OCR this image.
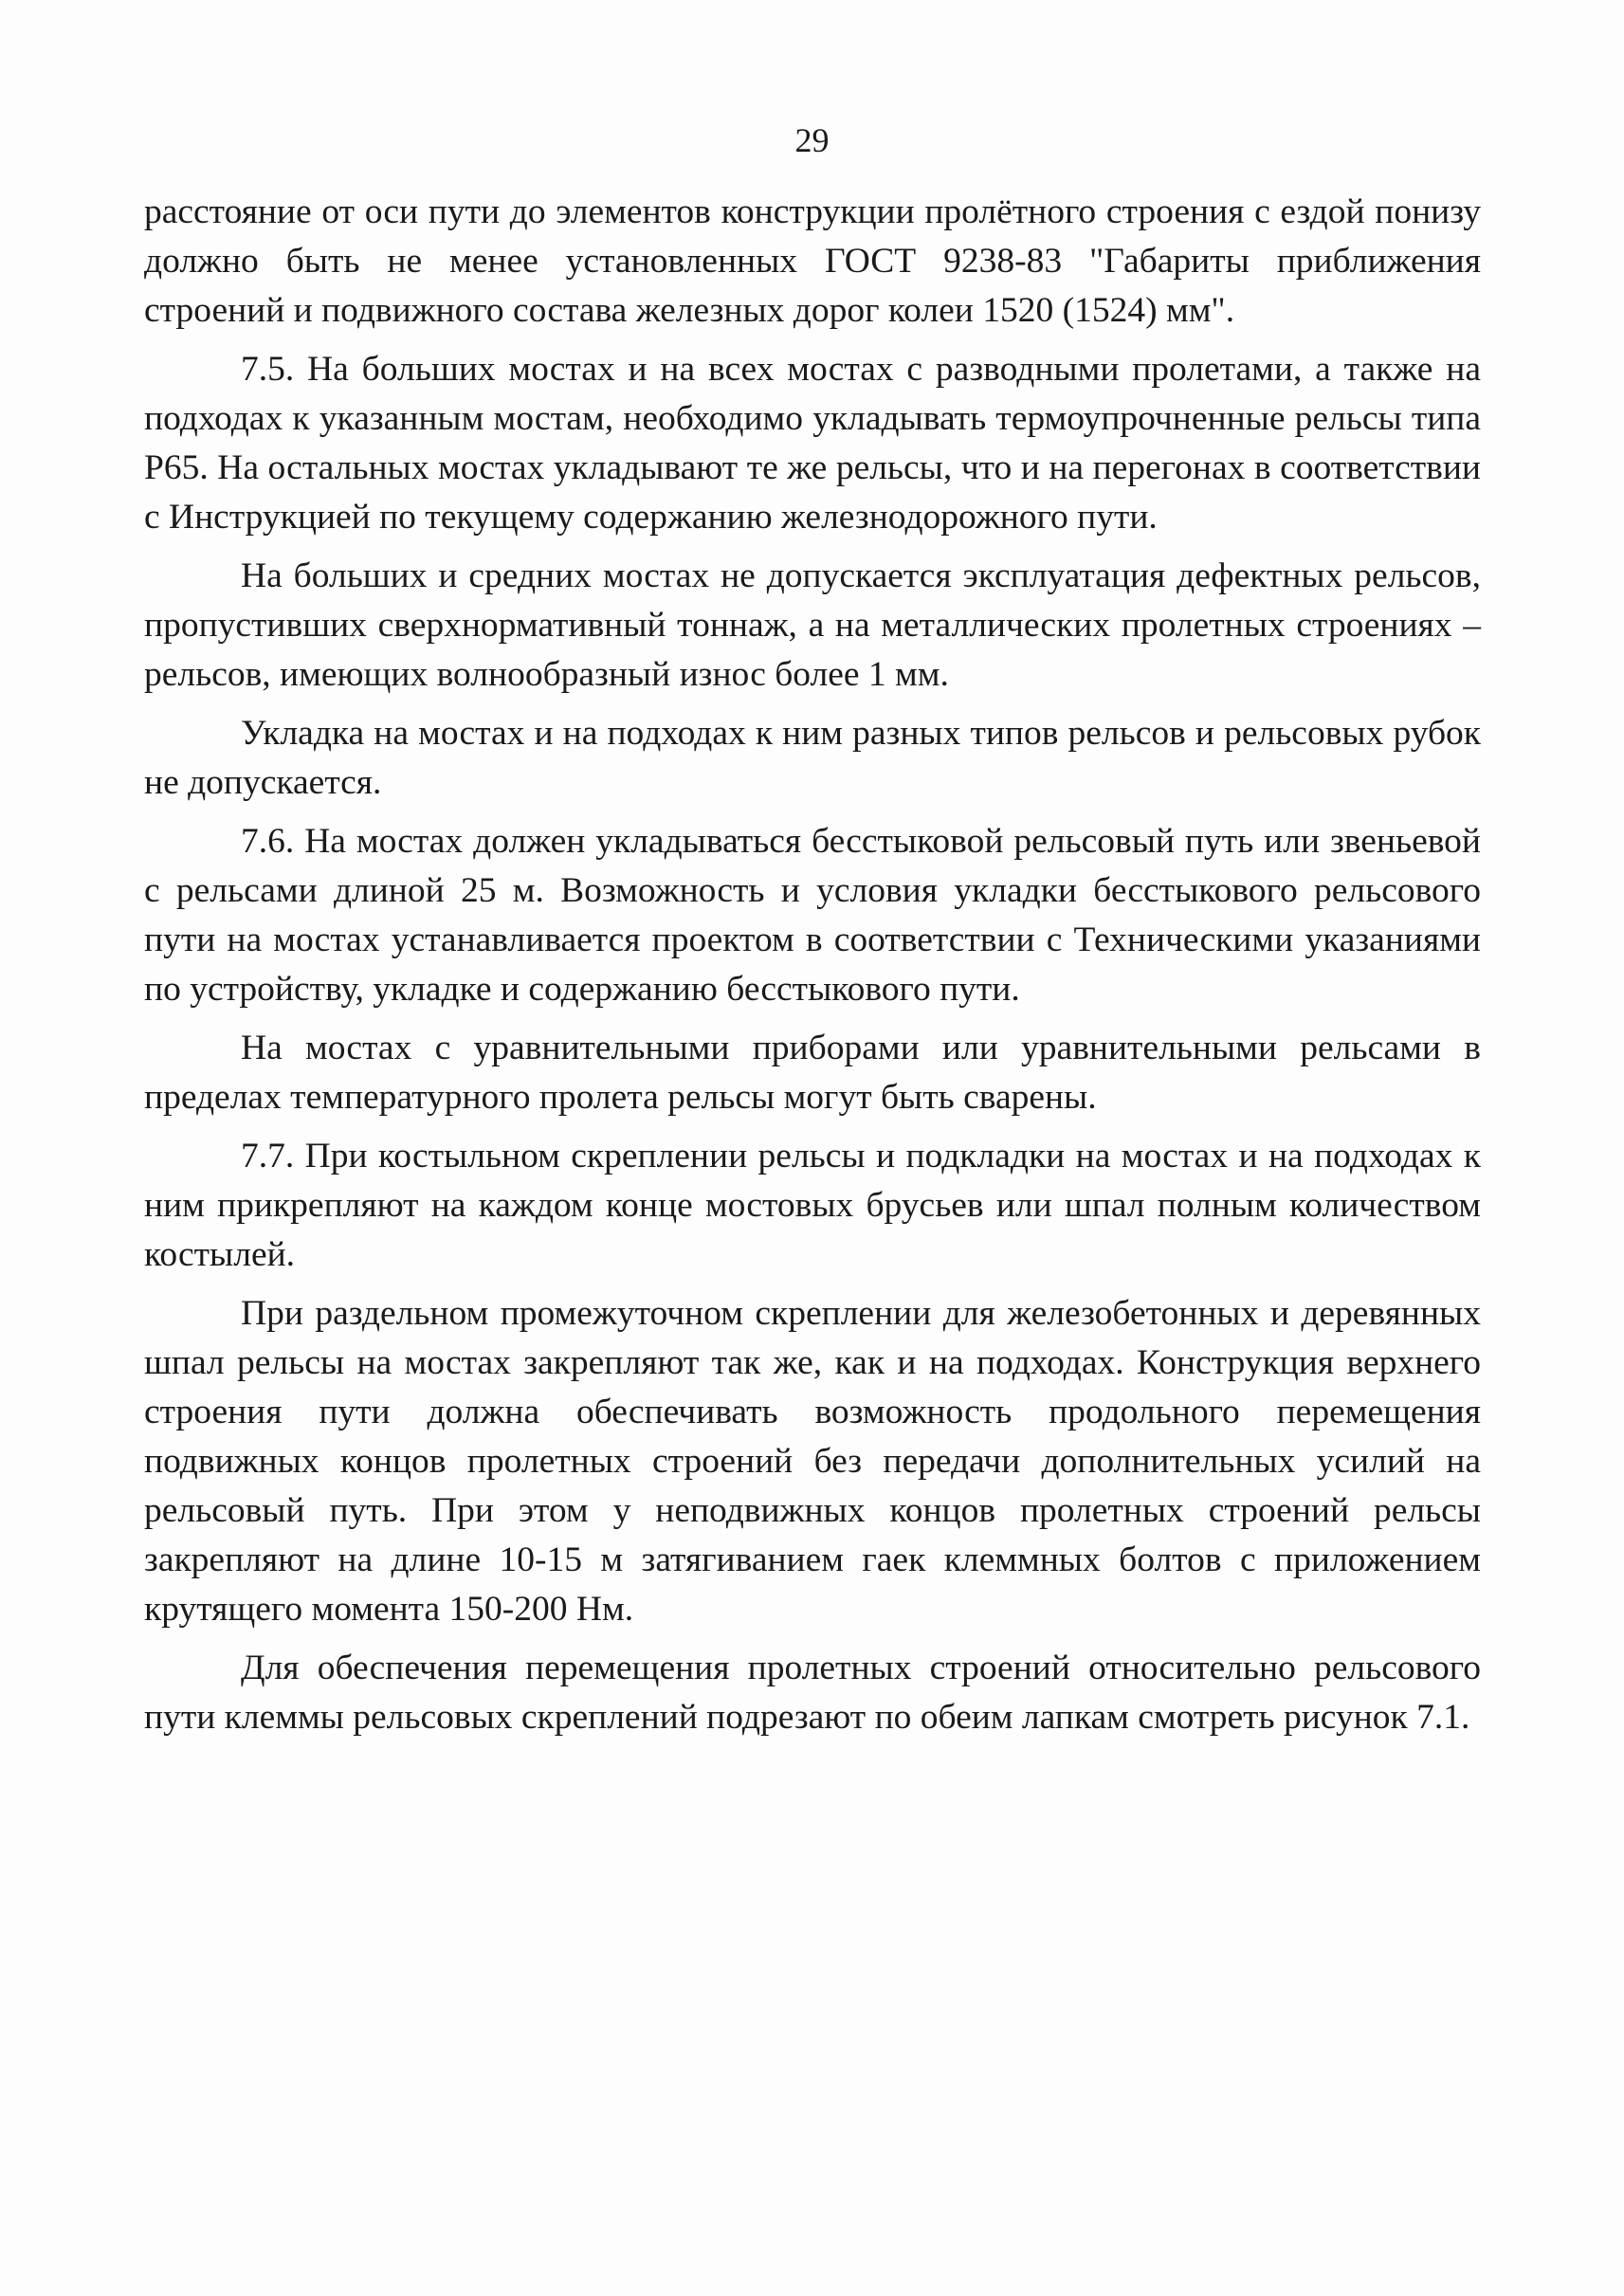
29

расстояние от оси пути до элементов конструкции пролётного строения с ездой понизу должно быть не менее установленных ГОСТ 9238-83 "Габариты приближения строений и подвижного состава железных дорог колеи 1520 (1524) мм".

7.5. На больших мостах и на всех мостах с разводными пролетами, а также на подходах к указанным мостам, необходимо укладывать термоупрочненные рельсы типа Р65. На остальных мостах укладывают те же рельсы, что и на перегонах в соответствии с Инструкцией по текущему содержанию железнодорожного пути.

На больших и средних мостах не допускается эксплуатация дефектных рельсов, пропустивших сверхнормативный тоннаж, а на металлических пролетных строениях – рельсов, имеющих волнообразный износ более 1 мм.

Укладка на мостах и на подходах к ним разных типов рельсов и рельсовых рубок не допускается.

7.6. На мостах должен укладываться бесстыковой рельсовый путь или звеньевой с рельсами длиной 25 м. Возможность и условия укладки бесстыкового рельсового пути на мостах устанавливается проектом в соответствии с Техническими указаниями по устройству, укладке и содержанию бесстыкового пути.

На мостах с уравнительными приборами или уравнительными рельсами в пределах температурного пролета рельсы могут быть сварены.

7.7. При костыльном скреплении рельсы и подкладки на мостах и на подходах к ним прикрепляют на каждом конце мостовых брусьев или шпал полным количеством костылей.

При раздельном промежуточном скреплении для железобетонных и деревянных шпал рельсы на мостах закрепляют так же, как и на подходах. Конструкция верхнего строения пути должна обеспечивать возможность продольного перемещения подвижных концов пролетных строений без передачи дополнительных усилий на рельсовый путь. При этом у неподвижных концов пролетных строений рельсы закрепляют на длине 10-15 м затягиванием гаек клеммных болтов с приложением крутящего момента 150-200 Нм.

Для обеспечения перемещения пролетных строений относительно рельсового пути клеммы рельсовых скреплений подрезают по обеим лапкам смотреть рисунок 7.1.
